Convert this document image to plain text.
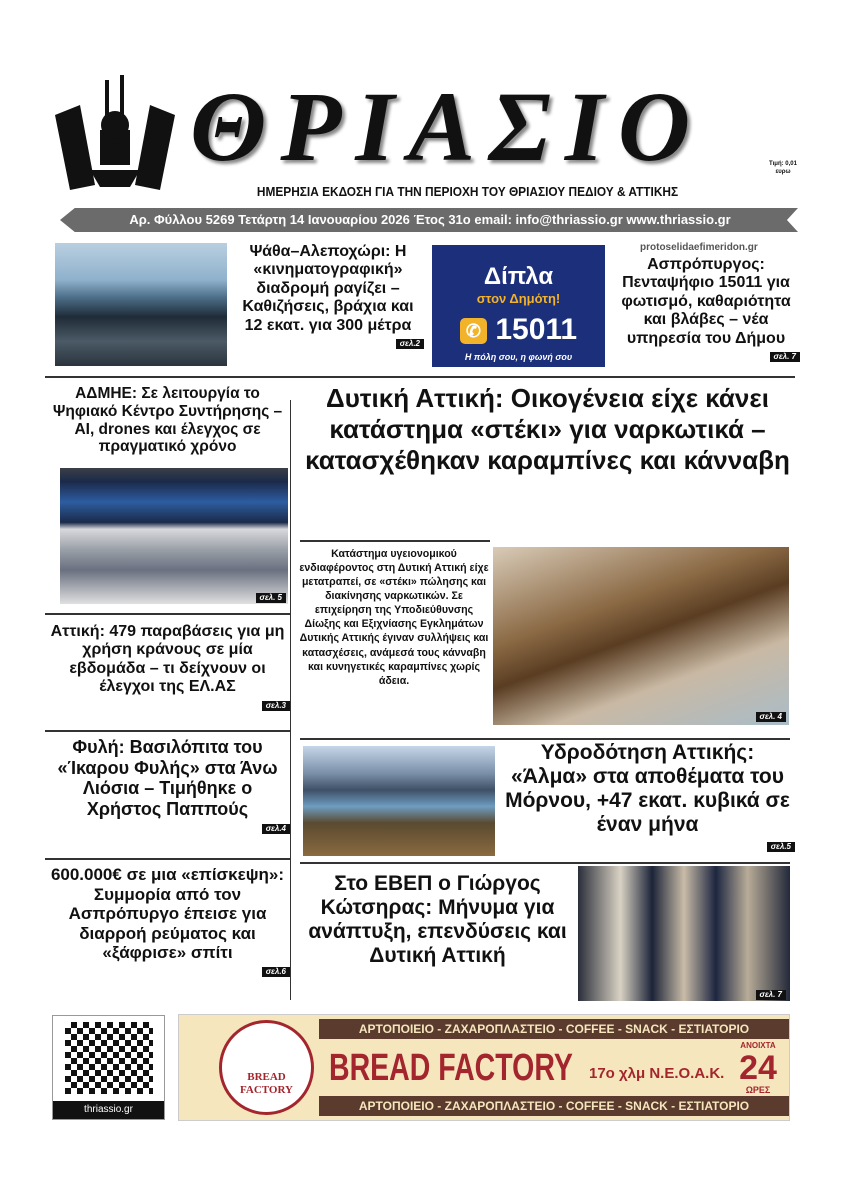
ΘΡΙΑΣΙΟ
ΗΜΕΡΗΣΙΑ ΕΚΔΟΣΗ ΓΙΑ ΤΗΝ ΠΕΡΙΟΧΗ ΤΟΥ ΘΡΙΑΣΙΟΥ ΠΕΔΙΟΥ & ΑΤΤΙΚΗΣ
Τιμή: 0,01 ευρω
Αρ. Φύλλου 5269 Τετάρτη 14 Ιανουαρίου 2026 Έτος 31ο email: info@thriassio.gr www.thriassio.gr
Ψάθα–Αλεποχώρι: Η «κινηματογραφική» διαδρομή ραγίζει – Καθιζήσεις, βράχια και 12 εκατ. για 300 μέτρα
σελ.2
Δίπλα
στον Δημότη!
✆ 15011
Η πόλη σου, η φωνή σου
protoselidaefimeridon.gr
Ασπρόπυργος: Πενταψήφιο 15011 για φωτισμό, καθαριότητα και βλάβες – νέα υπηρεσία του Δήμου
σελ. 7
ΑΔΜΗΕ: Σε λειτουργία το Ψηφιακό Κέντρο Συντήρησης – AI, drones και έλεγχος σε πραγματικό χρόνο
σελ. 5
Αττική: 479 παραβάσεις για μη χρήση κράνους σε μία εβδομάδα – τι δείχνουν οι έλεγχοι της ΕΛ.ΑΣ
σελ.3
Φυλή: Βασιλόπιτα του «Ίκαρου Φυλής» στα Άνω Λιόσια – Τιμήθηκε ο Χρήστος Παππούς
σελ.4
600.000€ σε μια «επίσκεψη»: Συμμορία από τον Ασπρόπυργο έπεισε για διαρροή ρεύματος και «ξάφρισε» σπίτι
σελ.6
Δυτική Αττική: Οικογένεια είχε κάνει κατάστημα «στέκι» για ναρκωτικά – κατασχέθηκαν καραμπίνες και κάνναβη
Κατάστημα υγειονομικού ενδιαφέροντος στη Δυτική Αττική είχε μετατραπεί, σε «στέκι» πώλησης και διακίνησης ναρκωτικών. Σε επιχείρηση της Υποδιεύθυνσης Δίωξης και Εξιχνίασης Εγκλημάτων Δυτικής Αττικής έγιναν συλλήψεις και κατασχέσεις, ανάμεσά τους κάνναβη και κυνηγετικές καραμπίνες χωρίς άδεια.
σελ. 4
Υδροδότηση Αττικής: «Άλμα» στα αποθέματα του Μόρνου, +47 εκατ. κυβικά σε έναν μήνα
σελ.5
Στο ΕΒΕΠ ο Γιώργος Κώτσηρας: Μήνυμα για ανάπτυξη, επενδύσεις και Δυτική Αττική
σελ. 7
thriassio.gr
ΑΡΤΟΠΟΙΕΙΟ - ΖΑΧΑΡΟΠΛΑΣΤΕΙΟ - COFFEE - SNACK - ΕΣΤΙΑΤΟΡΙΟ
ΑΡΤΟΠΟΙΕΙΟ - ΖΑΧΑΡΟΠΛΑΣΤΕΙΟ - COFFEE - SNACK - ΕΣΤΙΑΤΟΡΙΟ
BREAD FACTORY
BREAD FACTORY 17ο χλμ Ν.Ε.Ο.Α.Κ.
ΑΝΟΙΧΤΑ
24
ΩΡΕΣ
